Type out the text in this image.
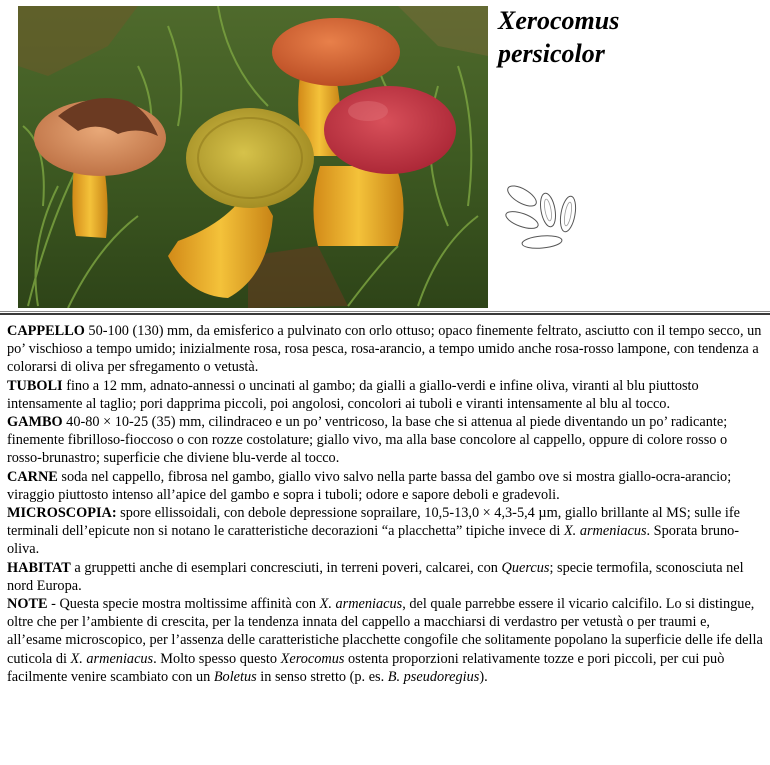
Xerocomus
persicolor

CAPPELLO 50-100 (130) mm, da emisferico a pulvinato con orlo ottuso; opaco finemente feltrato, asciutto con il tempo secco, un po’ vischioso a tempo umido; inizialmente rosa, rosa pesca, rosa-arancio, a tempo umido anche rosa-rosso lampone, con tendenza a colorarsi di oliva per sfregamento o vetustà.

TUBOLI fino a 12 mm, adnato-annessi o uncinati al gambo; da gialli a giallo-verdi e infine oliva, viranti al blu piuttosto intensamente al taglio; pori dapprima piccoli, poi angolosi, concolori ai tuboli e viranti intensamente al blu al tocco.

GAMBO 40-80 × 10-25 (35) mm, cilindraceo e un po’ ventricoso, la base che si attenua al piede diventando un po’ radicante; finemente fibrilloso-fioccoso o con rozze costolature; giallo vivo, ma alla base concolore al cappello, oppure di colore rosso o rosso-brunastro; superficie che diviene blu-verde al tocco.

CARNE soda nel cappello, fibrosa nel gambo, giallo vivo salvo nella parte bassa del gambo ove si mostra giallo-ocra-arancio; viraggio piuttosto intenso all’apice del gambo e sopra i tuboli; odore e sapore deboli e gradevoli.

MICROSCOPIA: spore ellissoidali, con debole depressione soprailare, 10,5-13,0 × 4,3-5,4 µm, giallo brillante al MS; sulle ife terminali dell’epicute non si notano le caratteristiche decorazioni “a placchetta” tipiche invece di X. armeniacus. Sporata bruno-oliva.

HABITAT a gruppetti anche di esemplari concresciuti, in terreni poveri, calcarei, con Quercus; specie termofila, sconosciuta nel nord Europa.

NOTE - Questa specie mostra moltissime affinità con X. armeniacus, del quale parrebbe essere il vicario calcifilo. Lo si distingue, oltre che per l’ambiente di crescita, per la tendenza innata del cappello a macchiarsi di verdastro per vetustà o per traumi e, all’esame microscopico, per l’assenza delle caratteristiche placchette congofile che solitamente popolano la superficie delle ife della cuticola di X. armeniacus. Molto spesso questo Xerocomus ostenta proporzioni relativamente tozze e pori piccoli, per cui può facilmente venire scambiato con un Boletus in senso stretto (p. es. B. pseudoregius).
